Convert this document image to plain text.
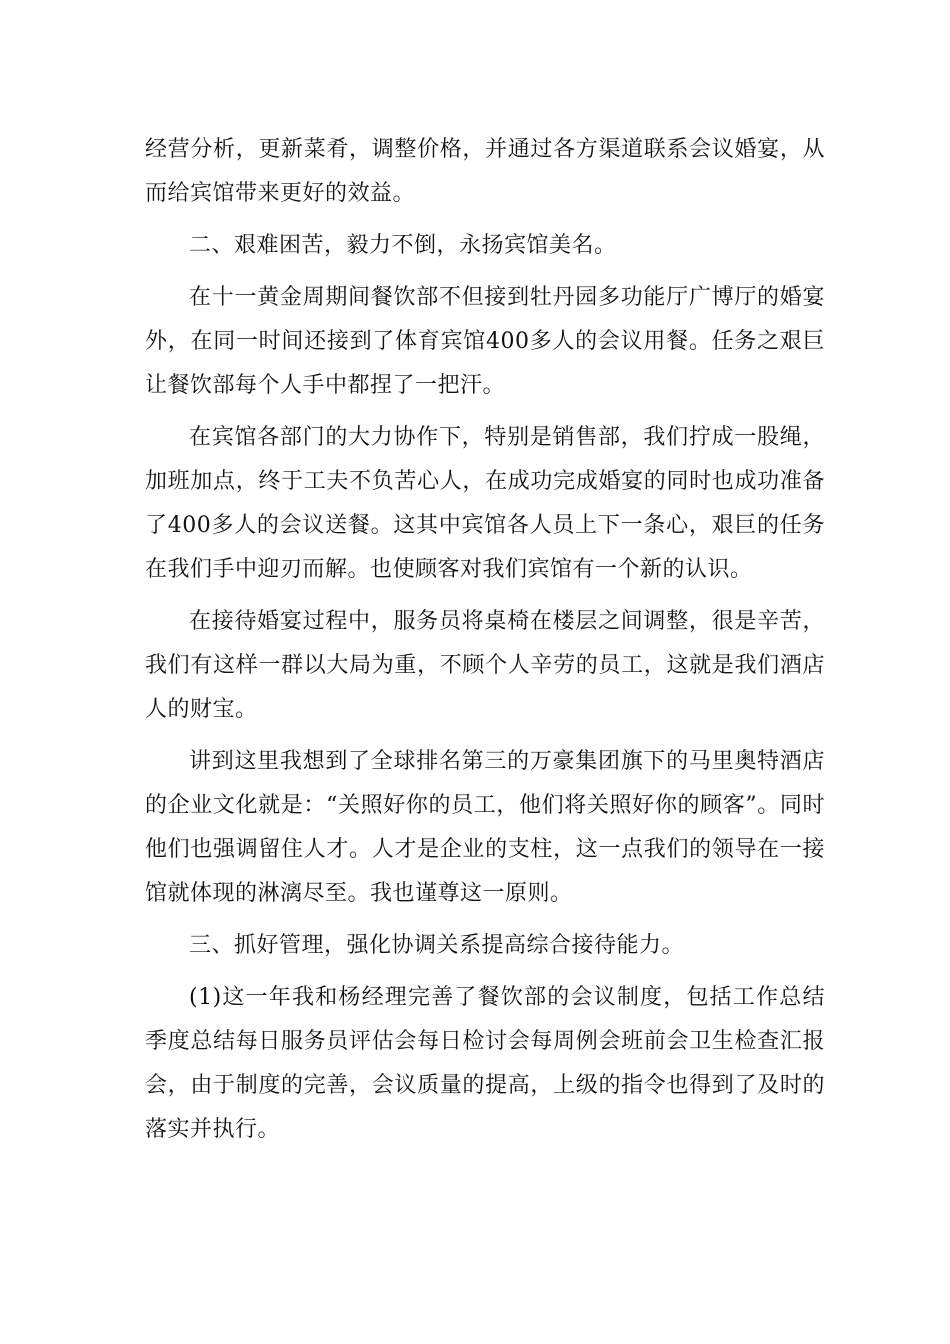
经营分析，更新菜肴，调整价格，并通过各方渠道联系会议婚宴，从而给宾馆带来更好的效益。

二、艰难困苦，毅力不倒，永扬宾馆美名。

在十一黄金周期间餐饮部不但接到牡丹园多功能厅广博厅的婚宴外，在同一时间还接到了体育宾馆400多人的会议用餐。任务之艰巨让餐饮部每个人手中都捏了一把汗。

在宾馆各部门的大力协作下，特别是销售部，我们拧成一股绳，加班加点，终于工夫不负苦心人，在成功完成婚宴的同时也成功准备了400多人的会议送餐。这其中宾馆各人员上下一条心，艰巨的任务在我们手中迎刃而解。也使顾客对我们宾馆有一个新的认识。

在接待婚宴过程中，服务员将桌椅在楼层之间调整，很是辛苦，我们有这样一群以大局为重，不顾个人辛劳的员工，这就是我们酒店人的财宝。

讲到这里我想到了全球排名第三的万豪集团旗下的马里奥特酒店的企业文化就是：“关照好你的员工，他们将关照好你的顾客”。同时他们也强调留住人才。人才是企业的支柱，这一点我们的领导在一接馆就体现的淋漓尽至。我也谨尊这一原则。

三、抓好管理，强化协调关系提高综合接待能力。

(1)这一年我和杨经理完善了餐饮部的会议制度，包括工作总结季度总结每日服务员评估会每日检讨会每周例会班前会卫生检查汇报会，由于制度的完善，会议质量的提高，上级的指令也得到了及时的落实并执行。
